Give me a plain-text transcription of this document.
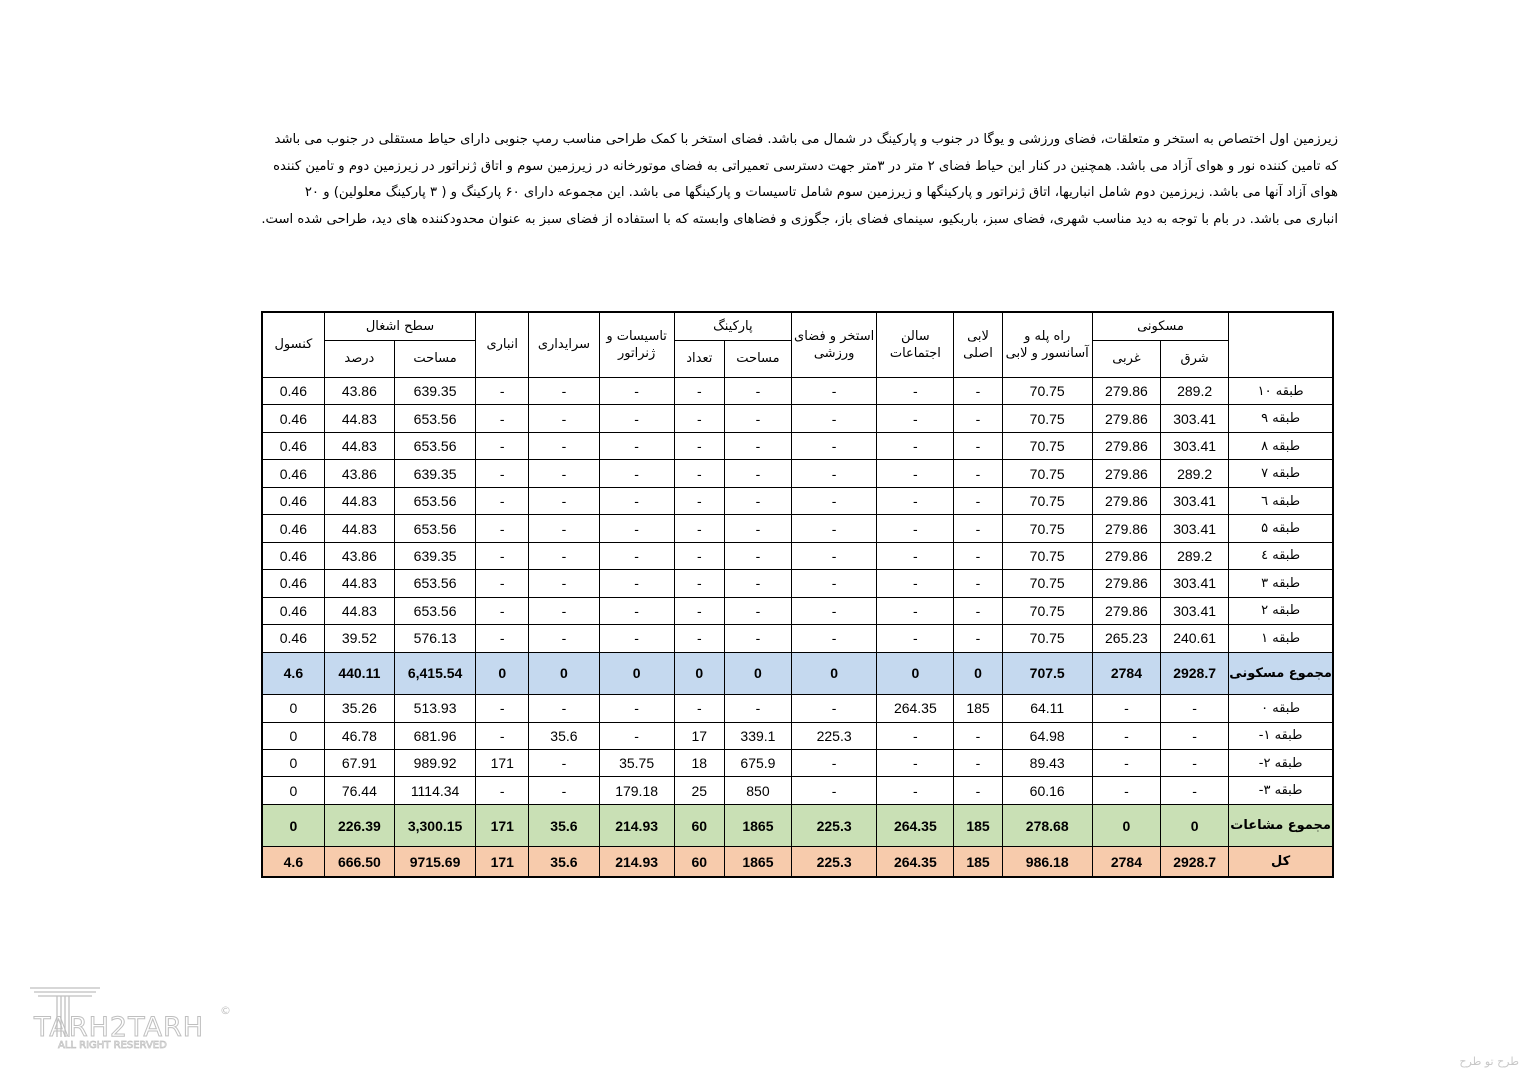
زیرزمین اول اختصاص به استخر و متعلقات، فضای ورزشی و یوگا در جنوب و پارکینگ در شمال می باشد. فضای استخر با کمک طراحی مناسب رمپ جنوبی دارای حیاط مستقلی در جنوب می باشد

که تامین کننده نور و هوای آزاد می باشد. همچنین در کنار این حیاط فضای ۲ متر در ۳متر جهت دسترسی تعمیراتی به فضای موتورخانه در زیرزمین سوم و اتاق ژنراتور در زیرزمین دوم و تامین کننده

هوای آزاد آنها می باشد. زیرزمین دوم شامل انباریها، اتاق ژنراتور و پارکینگها و زیرزمین سوم شامل تاسیسات و پارکینگها می باشد. این مجموعه دارای ۶۰ پارکینگ و ( ۳ پارکینگ معلولین) و ۲۰

انباری می باشد. در بام با توجه به دید مناسب شهری، فضای سبز، باربکیو، سینمای فضای باز، جگوزی و فضاهای وابسته که با استفاده از فضای سبز به عنوان محدودکننده های دید، طراحی شده است.

	مسکونی		راه پله و آسانسور و لابی	لابی اصلی	سالن اجتماعات	استخر و فضای ورزشی	پارکینگ		تاسیسات و ژنراتور	سرایداری	انباری	سطح اشغال		کنسول
	شرق	غربی					مساحت	تعداد				مساحت	درصد	
طبقه ۱۰	289.2	279.86	70.75	-	-	-	-	-	-	-	-	639.35	43.86	0.46
طبقه ۹	303.41	279.86	70.75	-	-	-	-	-	-	-	-	653.56	44.83	0.46
طبقه ۸	303.41	279.86	70.75	-	-	-	-	-	-	-	-	653.56	44.83	0.46
طبقه ۷	289.2	279.86	70.75	-	-	-	-	-	-	-	-	639.35	43.86	0.46
طبقه ٦	303.41	279.86	70.75	-	-	-	-	-	-	-	-	653.56	44.83	0.46
طبقه ۵	303.41	279.86	70.75	-	-	-	-	-	-	-	-	653.56	44.83	0.46
طبقه ٤	289.2	279.86	70.75	-	-	-	-	-	-	-	-	639.35	43.86	0.46
طبقه ۳	303.41	279.86	70.75	-	-	-	-	-	-	-	-	653.56	44.83	0.46
طبقه ۲	303.41	279.86	70.75	-	-	-	-	-	-	-	-	653.56	44.83	0.46
طبقه ۱	240.61	265.23	70.75	-	-	-	-	-	-	-	-	576.13	39.52	0.46
مجموع مسکونی	2928.7	2784	707.5	0	0	0	0	0	0	0	0	6,415.54	440.11	4.6
طبقه ۰	-	-	64.11	185	264.35	-	-	-	-	-	-	513.93	35.26	0
طبقه ۱-	-	-	64.98	-	-	225.3	339.1	17	-	35.6	-	681.96	46.78	0
طبقه ۲-	-	-	89.43	-	-	-	675.9	18	35.75	-	171	989.92	67.91	0
طبقه ۳-	-	-	60.16	-	-	-	850	25	179.18	-	-	1114.34	76.44	0
مجموع مشاعات	0	0	278.68	185	264.35	225.3	1865	60	214.93	35.6	171	3,300.15	226.39	0
کل	2928.7	2784	986.18	185	264.35	225.3	1865	60	214.93	35.6	171	9715.69	666.50	4.6
TARH2TARH
ALL RIGHT RESERVED
©
طرح تو طرح
